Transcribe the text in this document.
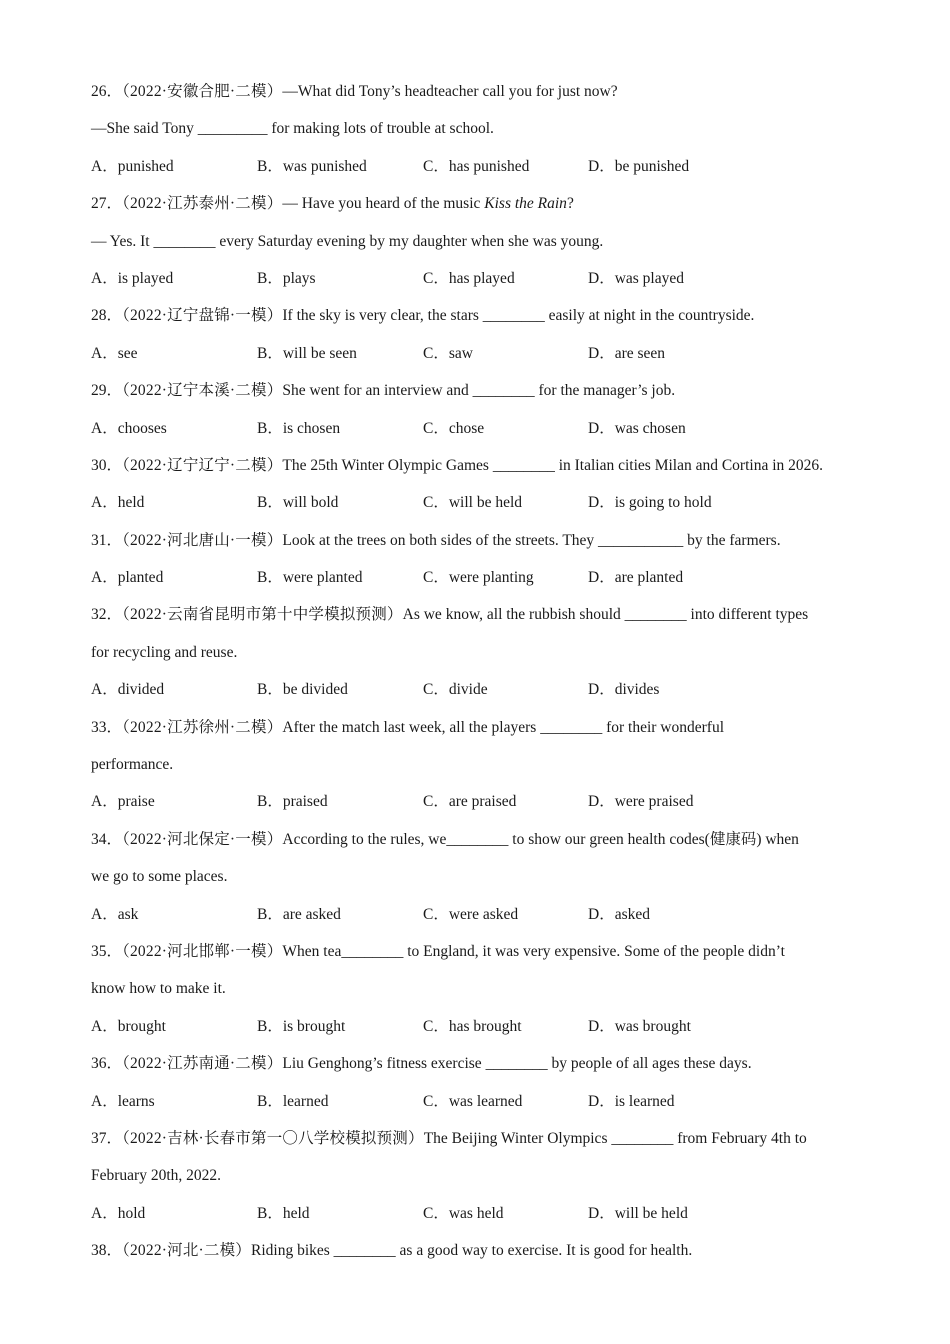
26．（2022·安徽合肥·二模）—What did Tony’s headteacher call you for just now?
—She said Tony _________ for making lots of trouble at school.
A．punished	B．was punished	C．has punished	D．be punished
27．（2022·江苏泰州·二模）— Have you heard of the music Kiss the Rain?
— Yes. It ________ every Saturday evening by my daughter when she was young.
A．is played	B．plays	C．has played	D．was played
28．（2022·辽宁盘锦·一模）If the sky is very clear, the stars ________ easily at night in the countryside.
A．see	B．will be seen	C．saw	D．are seen
29．（2022·辽宁本溪·二模）She went for an interview and ________ for the manager’s job.
A．chooses	B．is chosen	C．chose	D．was chosen
30．（2022·辽宁辽宁·二模）The 25th Winter Olympic Games ________ in Italian cities Milan and Cortina in 2026.
A．held	B．will bold	C．will be held	D．is going to hold
31．（2022·河北唐山·一模）Look at the trees on both sides of the streets. They ___________ by the farmers.
A．planted	B．were planted	C．were planting	D．are planted
32．（2022·云南省昆明市第十中学模拟预测）As we know, all the rubbish should ________ into different types
for recycling and reuse.
A．divided	B．be divided	C．divide	D．divides
33．（2022·江苏徐州·二模）After the match last week, all the players ________ for their wonderful
performance.
A．praise	B．praised	C．are praised	D．were praised
34．（2022·河北保定·一模）According to the rules, we________ to show our green health codes(健康码) when
we go to some places.
A．ask	B．are asked	C．were asked	D．asked
35．（2022·河北邯郸·一模）When tea________ to England, it was very expensive. Some of the people didn’t
know how to make it.
A．brought	B．is brought	C．has brought	D．was brought
36．（2022·江苏南通·二模）Liu Genghong’s fitness exercise ________ by people of all ages these days.
A．learns	B．learned	C．was learned	D．is learned
37．（2022·吉林·长春市第一〇八学校模拟预测）The Beijing Winter Olympics ________ from February 4th to
February 20th, 2022.
A．hold	B．held	C．was held	D．will be held
38．（2022·河北·二模）Riding bikes ________ as a good way to exercise. It is good for health.
